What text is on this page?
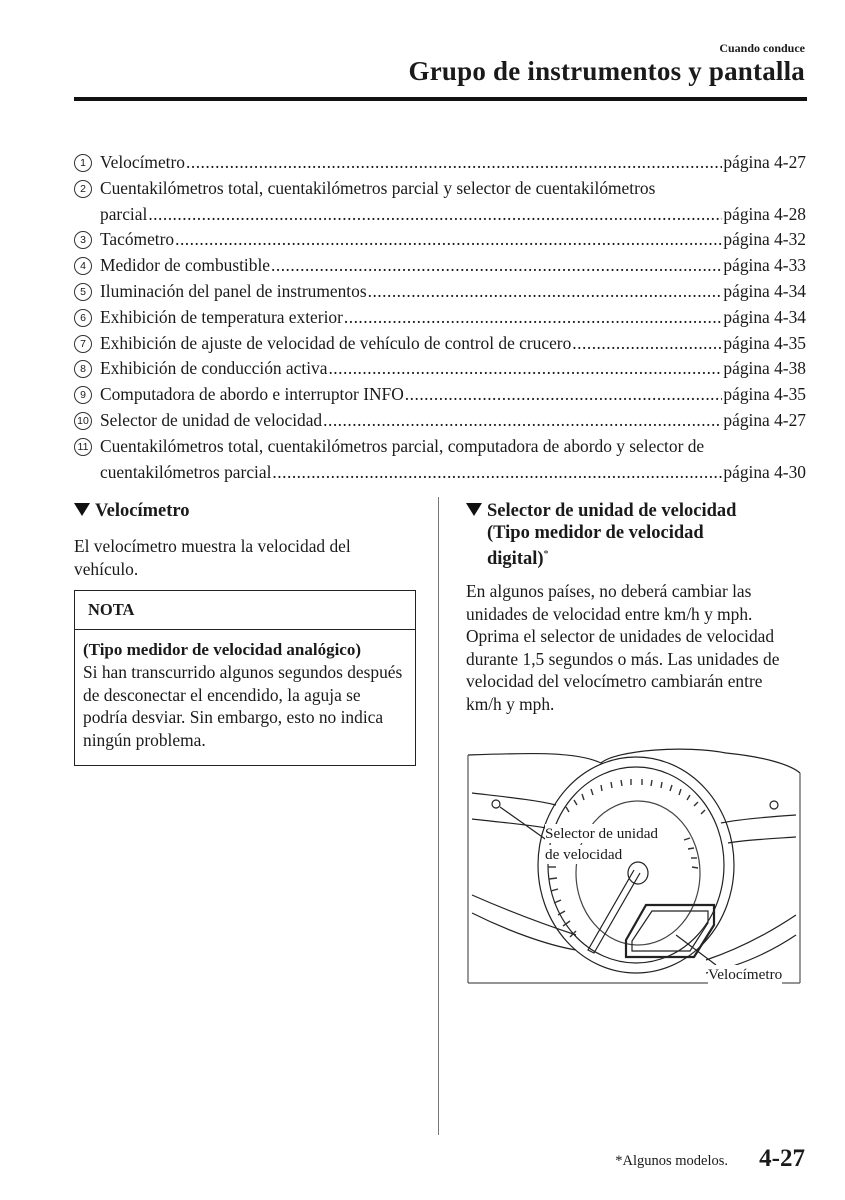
Cuando conduce
Grupo de instrumentos y pantalla
1 Velocímetro .....	página 4-27
2 Cuentakilómetros total, cuentakilómetros parcial y selector de cuentakilómetros
parcial .....	página 4-28
3 Tacómetro .....	página 4-32
4 Medidor de combustible .....	página 4-33
5 Iluminación del panel de instrumentos .....	página 4-34
6 Exhibición de temperatura exterior .....	página 4-34
7 Exhibición de ajuste de velocidad de vehículo de control de crucero .....	página 4-35
8 Exhibición de conducción activa .....	página 4-38
9 Computadora de abordo e interruptor INFO .....	página 4-35
10 Selector de unidad de velocidad .....	página 4-27
11 Cuentakilómetros total, cuentakilómetros parcial, computadora de abordo y selector de
cuentakilómetros parcial .....	página 4-30
Velocímetro
El velocímetro muestra la velocidad del vehículo.
NOTA
(Tipo medidor de velocidad analógico)
Si han transcurrido algunos segundos después de desconectar el encendido, la aguja se podría desviar. Sin embargo, esto no indica ningún problema.
Selector de unidad de velocidad
(Tipo medidor de velocidad
digital)*
En algunos países, no deberá cambiar las unidades de velocidad entre km/h y mph. Oprima el selector de unidades de velocidad durante 1,5 segundos o más. Las unidades de velocidad del velocímetro cambiarán entre km/h y mph.
Selector de unidad
de velocidad
Velocímetro
*Algunos modelos. 4-27
